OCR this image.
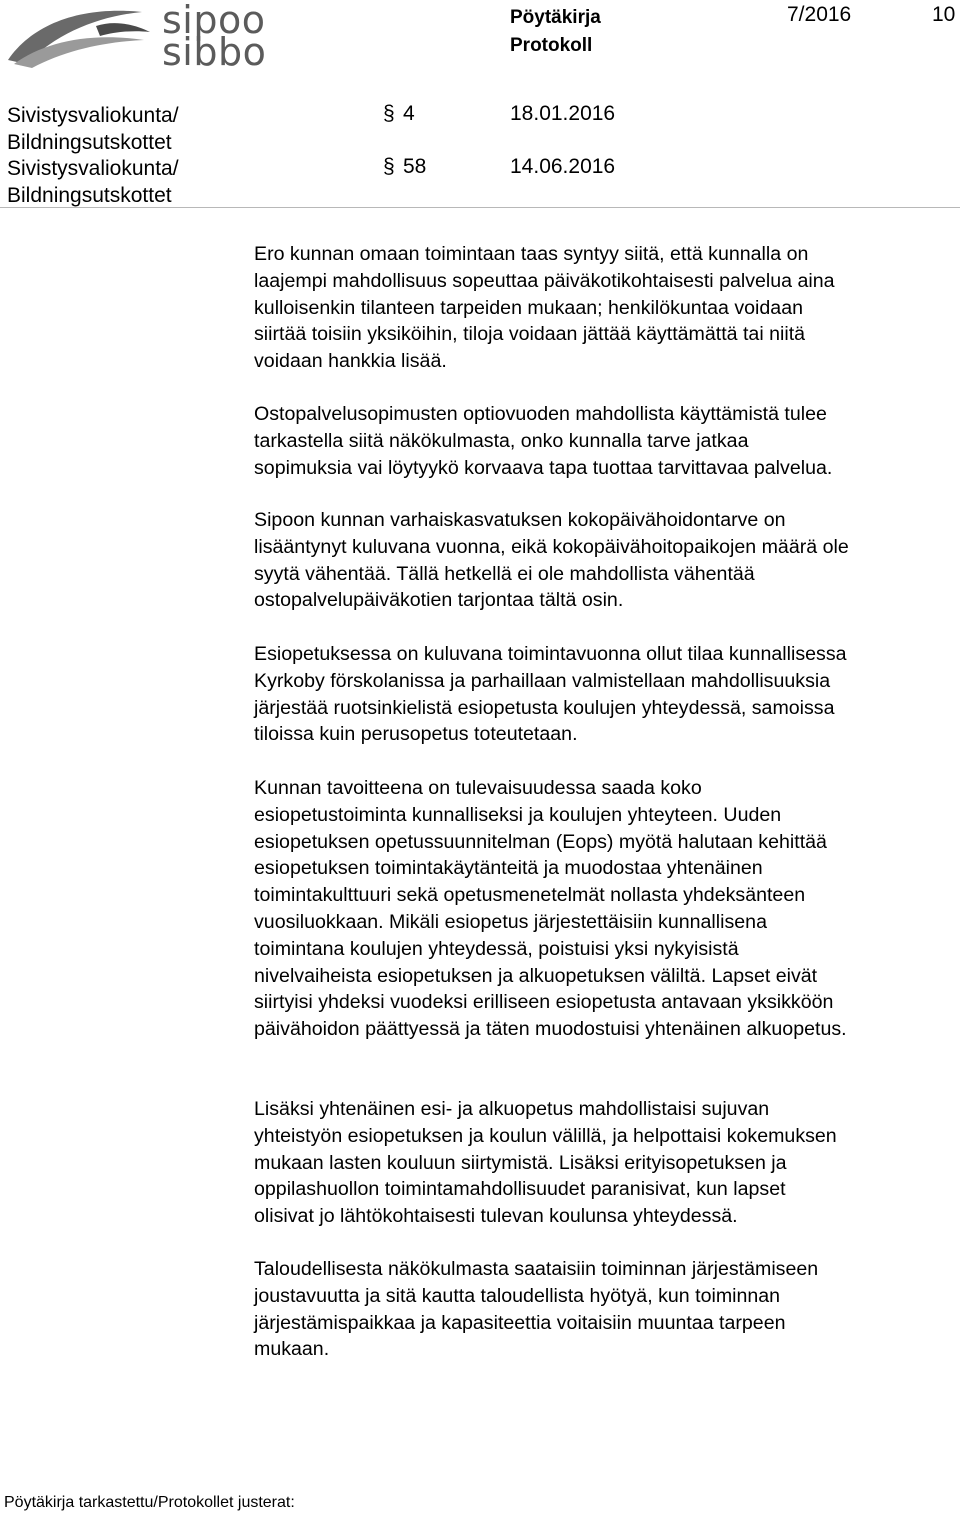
sipoo
sibbo
Pöytäkirja
Protokoll
7/2016	10
Sivistysvaliokunta/
Bildningsutskottet
§ 4	18.01.2016
Sivistysvaliokunta/
Bildningsutskottet
§ 58	14.06.2016

Ero kunnan omaan toimintaan taas syntyy siitä, että kunnalla on
laajempi mahdollisuus sopeuttaa päiväkotikohtaisesti palvelua aina
kulloisenkin tilanteen tarpeiden mukaan; henkilökuntaa voidaan
siirtää toisiin yksiköihin, tiloja voidaan jättää käyttämättä tai niitä
voidaan hankkia lisää.

Ostopalvelusopimusten optiovuoden mahdollista käyttämistä tulee
tarkastella siitä näkökulmasta, onko kunnalla tarve jatkaa
sopimuksia vai löytyykö korvaava tapa tuottaa tarvittavaa palvelua.

Sipoon kunnan varhaiskasvatuksen kokopäivähoidontarve on
lisääntynyt kuluvana vuonna, eikä kokopäivähoitopaikojen määrä ole
syytä vähentää. Tällä hetkellä ei ole mahdollista vähentää
ostopalvelupäiväkotien tarjontaa tältä osin.

Esiopetuksessa on kuluvana toimintavuonna ollut tilaa kunnallisessa
Kyrkoby förskolanissa ja parhaillaan valmistellaan mahdollisuuksia
järjestää ruotsinkielistä esiopetusta koulujen yhteydessä, samoissa
tiloissa kuin perusopetus toteutetaan.

Kunnan tavoitteena on tulevaisuudessa saada koko
esiopetustoiminta kunnalliseksi ja koulujen yhteyteen. Uuden
esiopetuksen opetussuunnitelman (Eops) myötä halutaan kehittää
esiopetuksen toimintakäytänteitä ja muodostaa yhtenäinen
toimintakulttuuri sekä opetusmenetelmät nollasta yhdeksänteen
vuosiluokkaan. Mikäli esiopetus järjestettäisiin kunnallisena
toimintana koulujen yhteydessä, poistuisi yksi nykyisistä
nivelvaiheista esiopetuksen ja alkuopetuksen väliltä. Lapset eivät
siirtyisi yhdeksi vuodeksi erilliseen esiopetusta antavaan yksikköön
päivähoidon päättyessä ja täten muodostuisi yhtenäinen alkuopetus.

Lisäksi yhtenäinen esi- ja alkuopetus mahdollistaisi sujuvan
yhteistyön esiopetuksen ja koulun välillä, ja helpottaisi kokemuksen
mukaan lasten kouluun siirtymistä. Lisäksi erityisopetuksen ja
oppilashuollon toimintamahdollisuudet paranisivat, kun lapset
olisivat jo lähtökohtaisesti tulevan koulunsa yhteydessä.

Taloudellisesta näkökulmasta saataisiin toiminnan järjestämiseen
joustavuutta ja sitä kautta taloudellista hyötyä, kun toiminnan
järjestämispaikkaa ja kapasiteettia voitaisiin muuntaa tarpeen
mukaan.

Pöytäkirja tarkastettu/Protokollet justerat:
